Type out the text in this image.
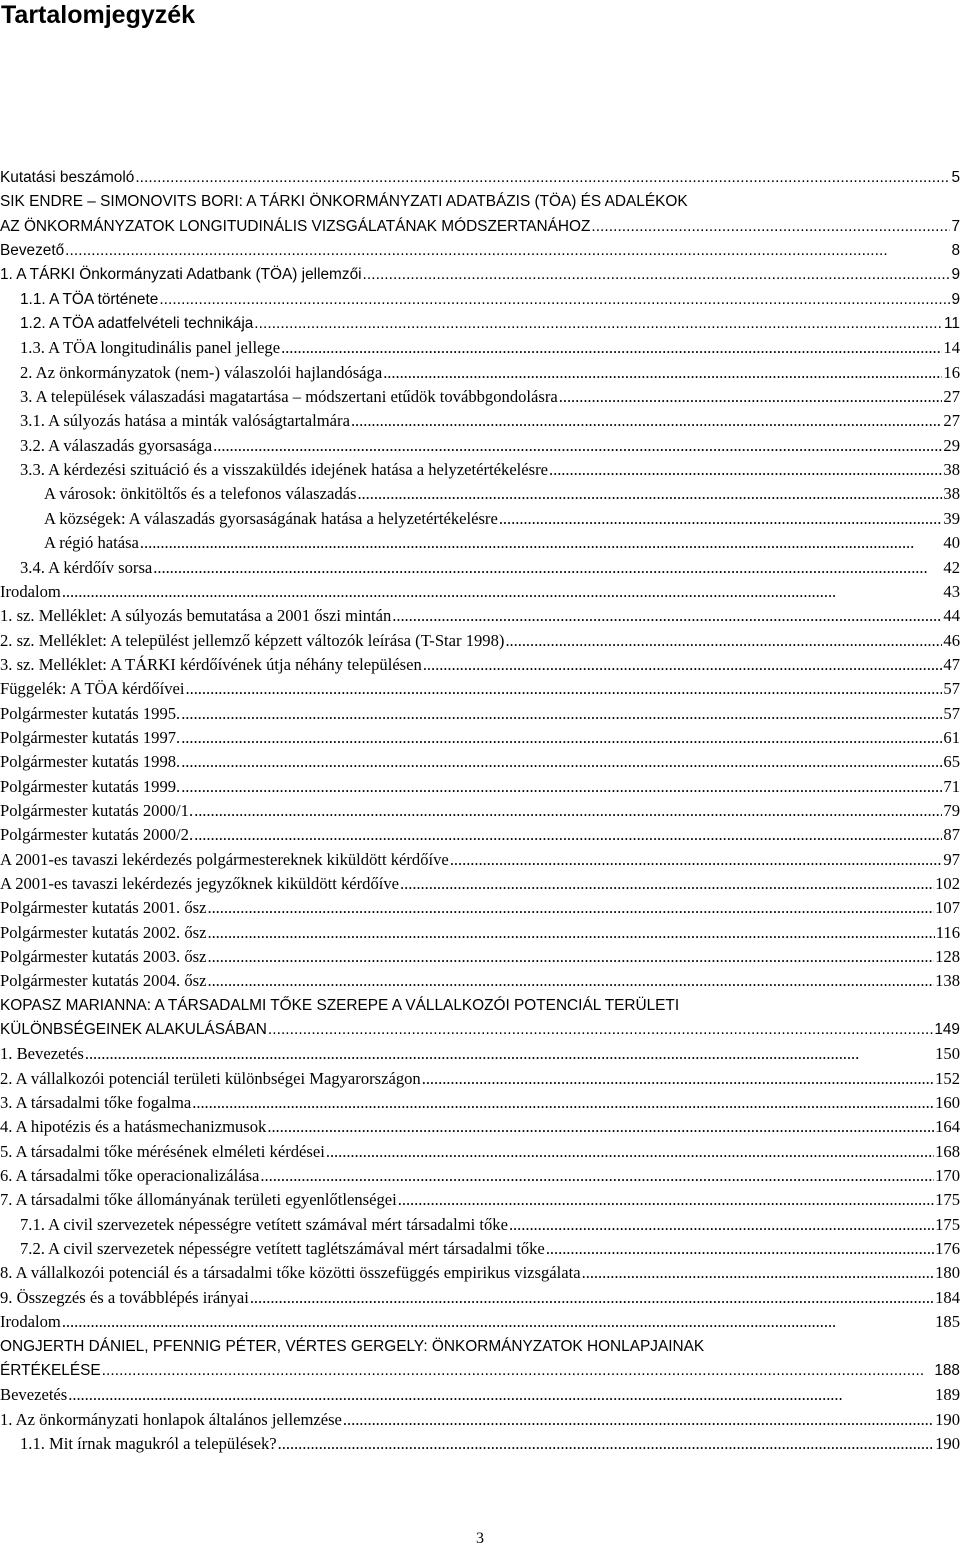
Tartalomjegyzék
Kutatási beszámoló . . .	5
SIK ENDRE – SIMONOVITS BORI: A TÁRKI ÖNKORMÁNYZATI ADATBÁZIS (TÖA) ÉS ADALÉKOK
AZ ÖNKORMÁNYZATOK LONGITUDINÁLIS VIZSGÁLATÁNAK MÓDSZERTANÁHOZ . . .	7
Bevezető . . .	8
1. A TÁRKI Önkormányzati Adatbank (TÖA) jellemzői . . .	9
1.1. A TÖA története . . .	9
1.2. A TÖA adatfelvételi technikája . . .	11
1.3. A TÖA longitudinális panel jellege . . .	14
2. Az önkormányzatok (nem-) válaszolói hajlandósága . . .	16
3. A települések válaszadási magatartása – módszertani etűdök továbbgondolásra . . .	27
3.1. A súlyozás hatása a minták valóságtartalmára . . .	27
3.2. A válaszadás gyorsasága . . .	29
3.3. A kérdezési szituáció és a visszaküldés idejének hatása a helyzetértékelésre . . .	38
A városok: önkitöltős és a telefonos válaszadás . . .	38
A községek: A válaszadás gyorsaságának hatása a helyzetértékelésre . . .	39
A régió hatása . . .	40
3.4. A kérdőív sorsa . . .	42
Irodalom . . .	43
1. sz. Melléklet: A súlyozás bemutatása a 2001 őszi mintán . . .	44
2. sz. Melléklet: A települést jellemző képzett változók leírása (T-Star 1998) . . .	46
3. sz. Melléklet: A TÁRKI kérdőívének útja néhány településen . . .	47
Függelék: A TÖA kérdőívei . . .	57
Polgármester kutatás 1995. . . .	57
Polgármester kutatás 1997. . . .	61
Polgármester kutatás 1998. . . .	65
Polgármester kutatás 1999. . . .	71
Polgármester kutatás 2000/1. . . .	79
Polgármester kutatás 2000/2. . . .	87
A 2001-es tavaszi lekérdezés polgármestereknek kiküldött kérdőíve . . .	97
A 2001-es tavaszi lekérdezés jegyzőknek kiküldött kérdőíve . . .	102
Polgármester kutatás 2001. ősz . . .	107
Polgármester kutatás 2002. ősz . . .	116
Polgármester kutatás 2003. ősz . . .	128
Polgármester kutatás 2004. ősz . . .	138
KOPASZ MARIANNA: A TÁRSADALMI TŐKE SZEREPE A VÁLLALKOZÓI POTENCIÁL TERÜLETI
KÜLÖNBSÉGEINEK ALAKULÁSÁBAN . . .	149
1. Bevezetés . . .	150
2. A vállalkozói potenciál területi különbségei Magyarországon . . .	152
3. A társadalmi tőke fogalma . . .	160
4. A hipotézis és a hatásmechanizmusok . . .	164
5. A társadalmi tőke mérésének elméleti kérdései . . .	168
6. A társadalmi tőke operacionalizálása . . .	170
7. A társadalmi tőke állományának területi egyenlőtlenségei . . .	175
7.1. A civil szervezetek népességre vetített számával mért társadalmi tőke . . .	175
7.2. A civil szervezetek népességre vetített taglétszámával mért társadalmi tőke . . .	176
8. A vállalkozói potenciál és a társadalmi tőke közötti összefüggés empirikus vizsgálata . . .	180
9. Összegzés és a továbblépés irányai . . .	184
Irodalom . . .	185
ONGJERTH DÁNIEL, PFENNIG PÉTER, VÉRTES GERGELY: ÖNKORMÁNYZATOK HONLAPJAINAK
ÉRTÉKELÉSE . . .	188
Bevezetés . . .	189
1. Az önkormányzati honlapok általános jellemzése . . .	190
1.1. Mit írnak magukról a települések? . . .	190
3
